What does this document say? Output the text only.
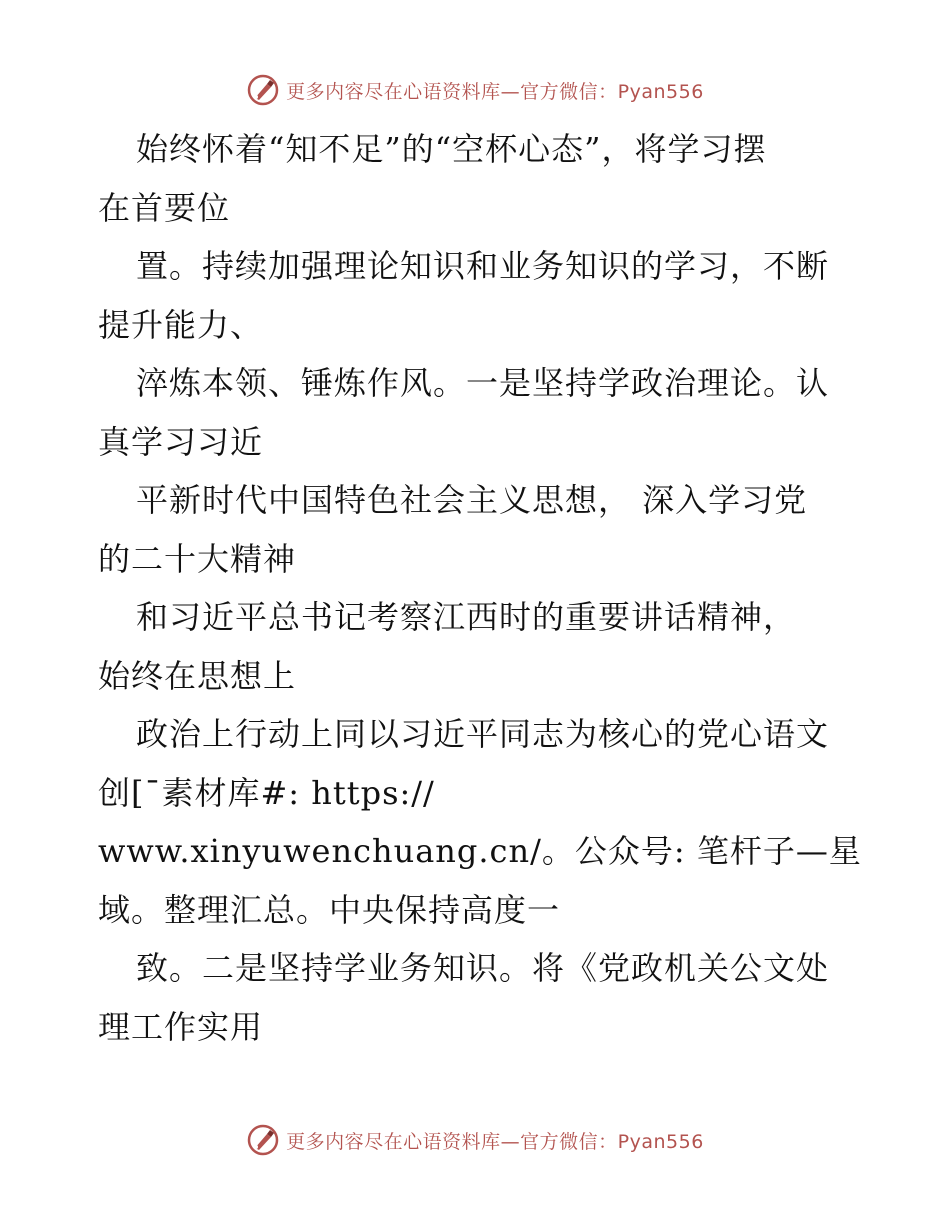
更多内容尽在心语资料库—官方微信：Pyan556
始终怀着“知不足”的“空杯心态”，将学习摆
在首要位
置。持续加强理论知识和业务知识的学习，不断
提升能力、
淬炼本领、锤炼作风。一是坚持学政治理论。认
真学习习近
平新时代中国特色社会主义思想， 深入学习党
的二十大精神
和习近平总书记考察江西时的重要讲话精神，
始终在思想上
政治上行动上同以习近平同志为核心的党心语文
创[¯素材库#: https://
www.xinyuwenchuang.cn/。公众号: 笔杆子—星
域。整理汇总。中央保持高度一
致。二是坚持学业务知识。将《党政机关公文处
理工作实用
更多内容尽在心语资料库—官方微信：Pyan556
